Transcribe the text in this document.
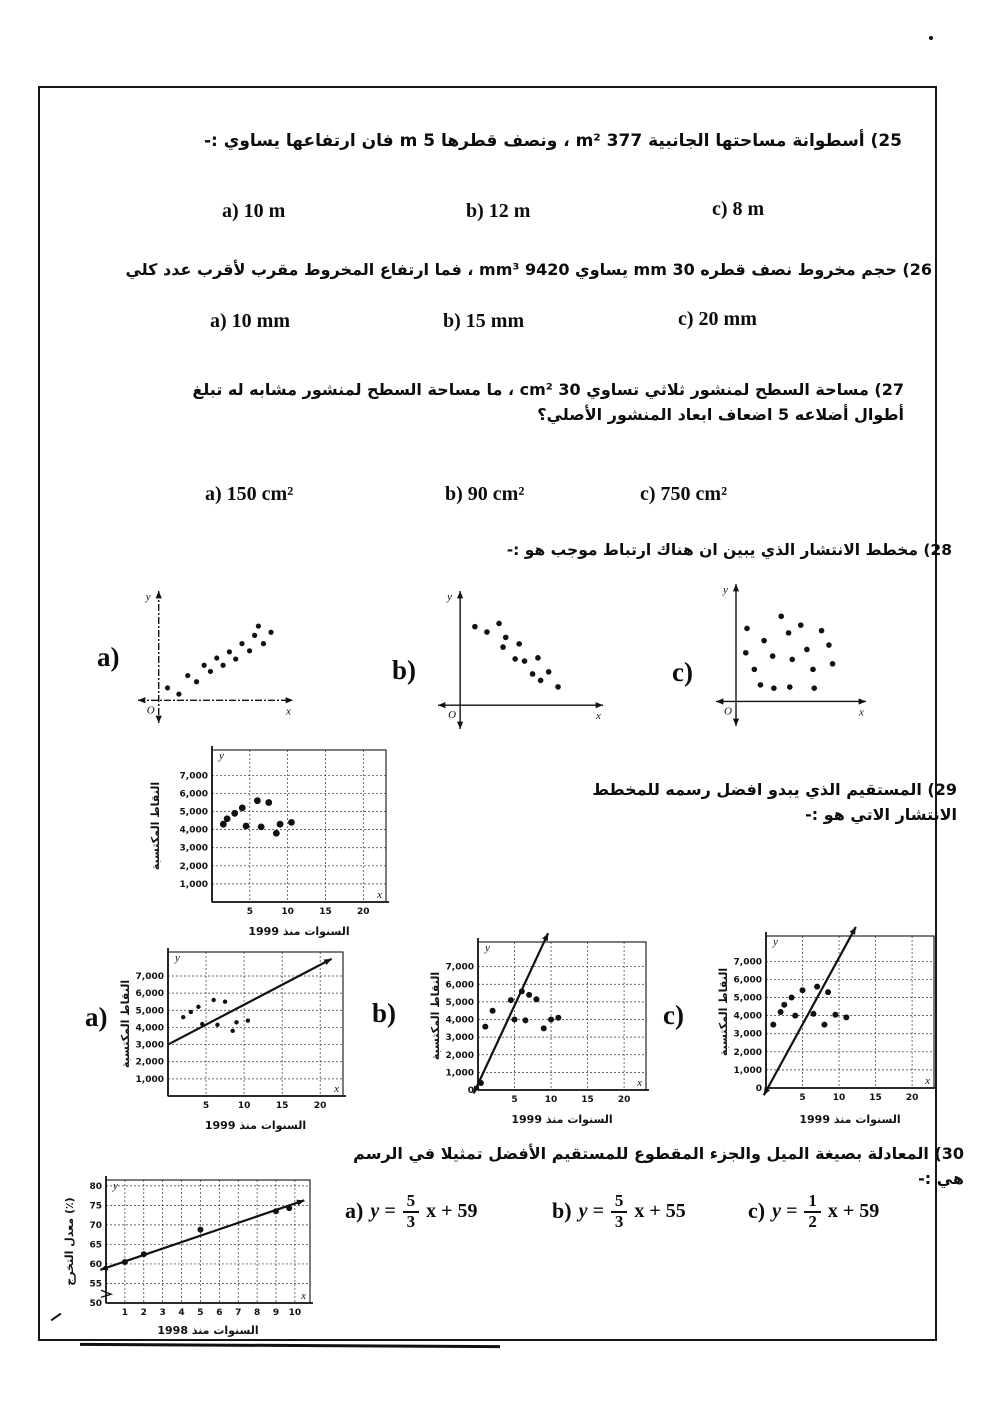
25) أسطوانة مساحتها الجانبية 377 m² ، ونصف قطرها 5 m فان ارتفاعها يساوي :-
a) 10 m	b) 12 m	c) 8 m
26) حجم مخروط نصف قطره 30 mm يساوي 9420 mm³ ، فما ارتفاع المخروط مقرب لأقرب عدد كلي
a) 10 mm	b) 15 mm	c) 20 mm
27) مساحة السطح لمنشور ثلاثي تساوي 30 cm² ، ما مساحة السطح لمنشور مشابه له تبلغ أطوال أضلاعه 5 اضعاف ابعاد المنشور الأصلي؟
a) 150 cm²	b) 90 cm²	c) 750 cm²
28) مخطط الانتشار الذي يبين ان هناك ارتباط موجب هو :-
a)	b)	c)
x
y
O	x
y
O	x
y
O
29) المستقيم الذي يبدو افضل رسمه للمخطط الانتشار الاتي هو :-
5	10	15	20
1,000
2,000
3,000
4,000
5,000
6,000
7,000
y
x
السنوات منذ 1999
النقاط المكتسبة
a)	b)	c)
5	10	15	20
1,000
2,000
3,000
4,000
5,000
6,000
7,000
y
x
السنوات منذ 1999
النقاط المكتسبة
5	10	15	20
0
1,000
2,000
3,000
4,000
5,000
6,000
7,000
y
x
السنوات منذ 1999
النقاط المكتسبة
5	10	15	20
0
1,000
2,000
3,000
4,000
5,000
6,000
7,000
y
x
السنوات منذ 1999
النقاط المكتسبة
30) المعادلة بصيغة الميل والجزء المقطوع للمستقيم الأفضل تمثيلا في الرسم هي :-
1 2 3 4 5 6 7 8 9 10
50
55
60
65
70
75
80 y
x
السنوات منذ 1998
معدل التخرج (٪)	a) $y = \frac{5}{3}$ x + 59	b) $y = \frac{5}{3}$ x + 55	c) $y = \frac{1}{2}$ x + 59
